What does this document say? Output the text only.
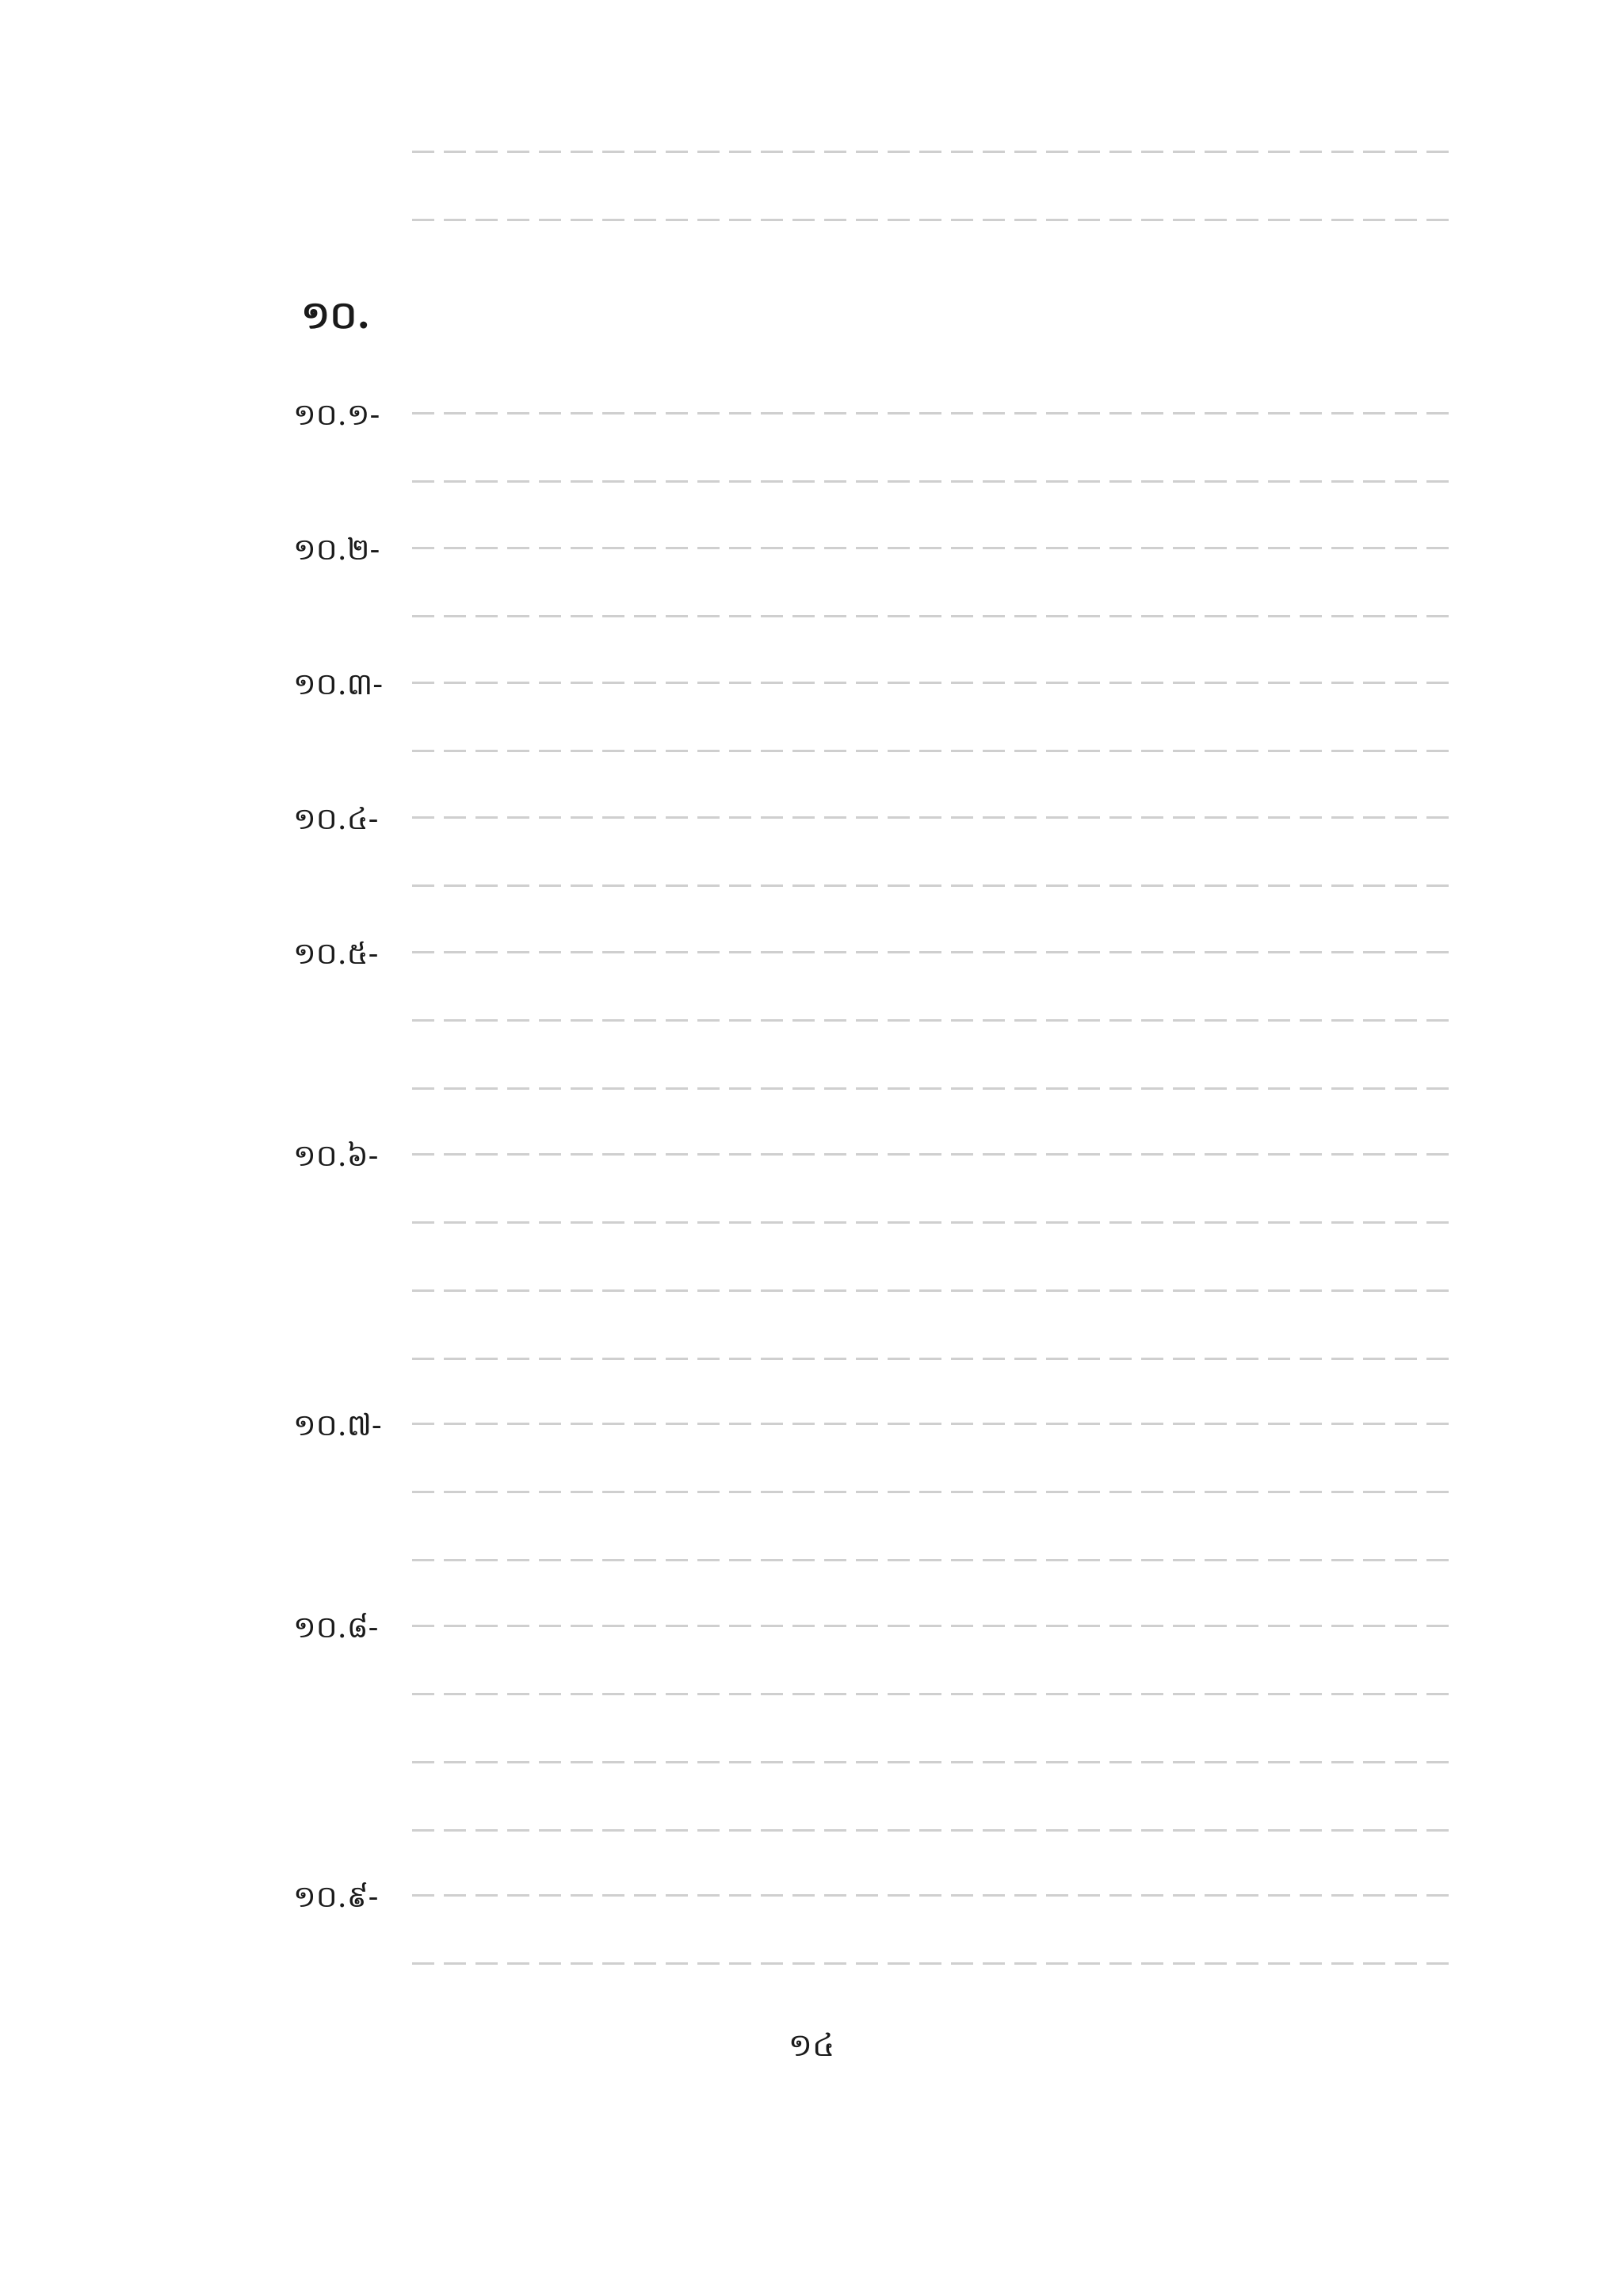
១០.
១០.១-
១០.២-
១០.៣-
១០.៤-
១០.៥-
១០.៦-
១០.៧-
១០.៨-
១០.៩-
១៤
